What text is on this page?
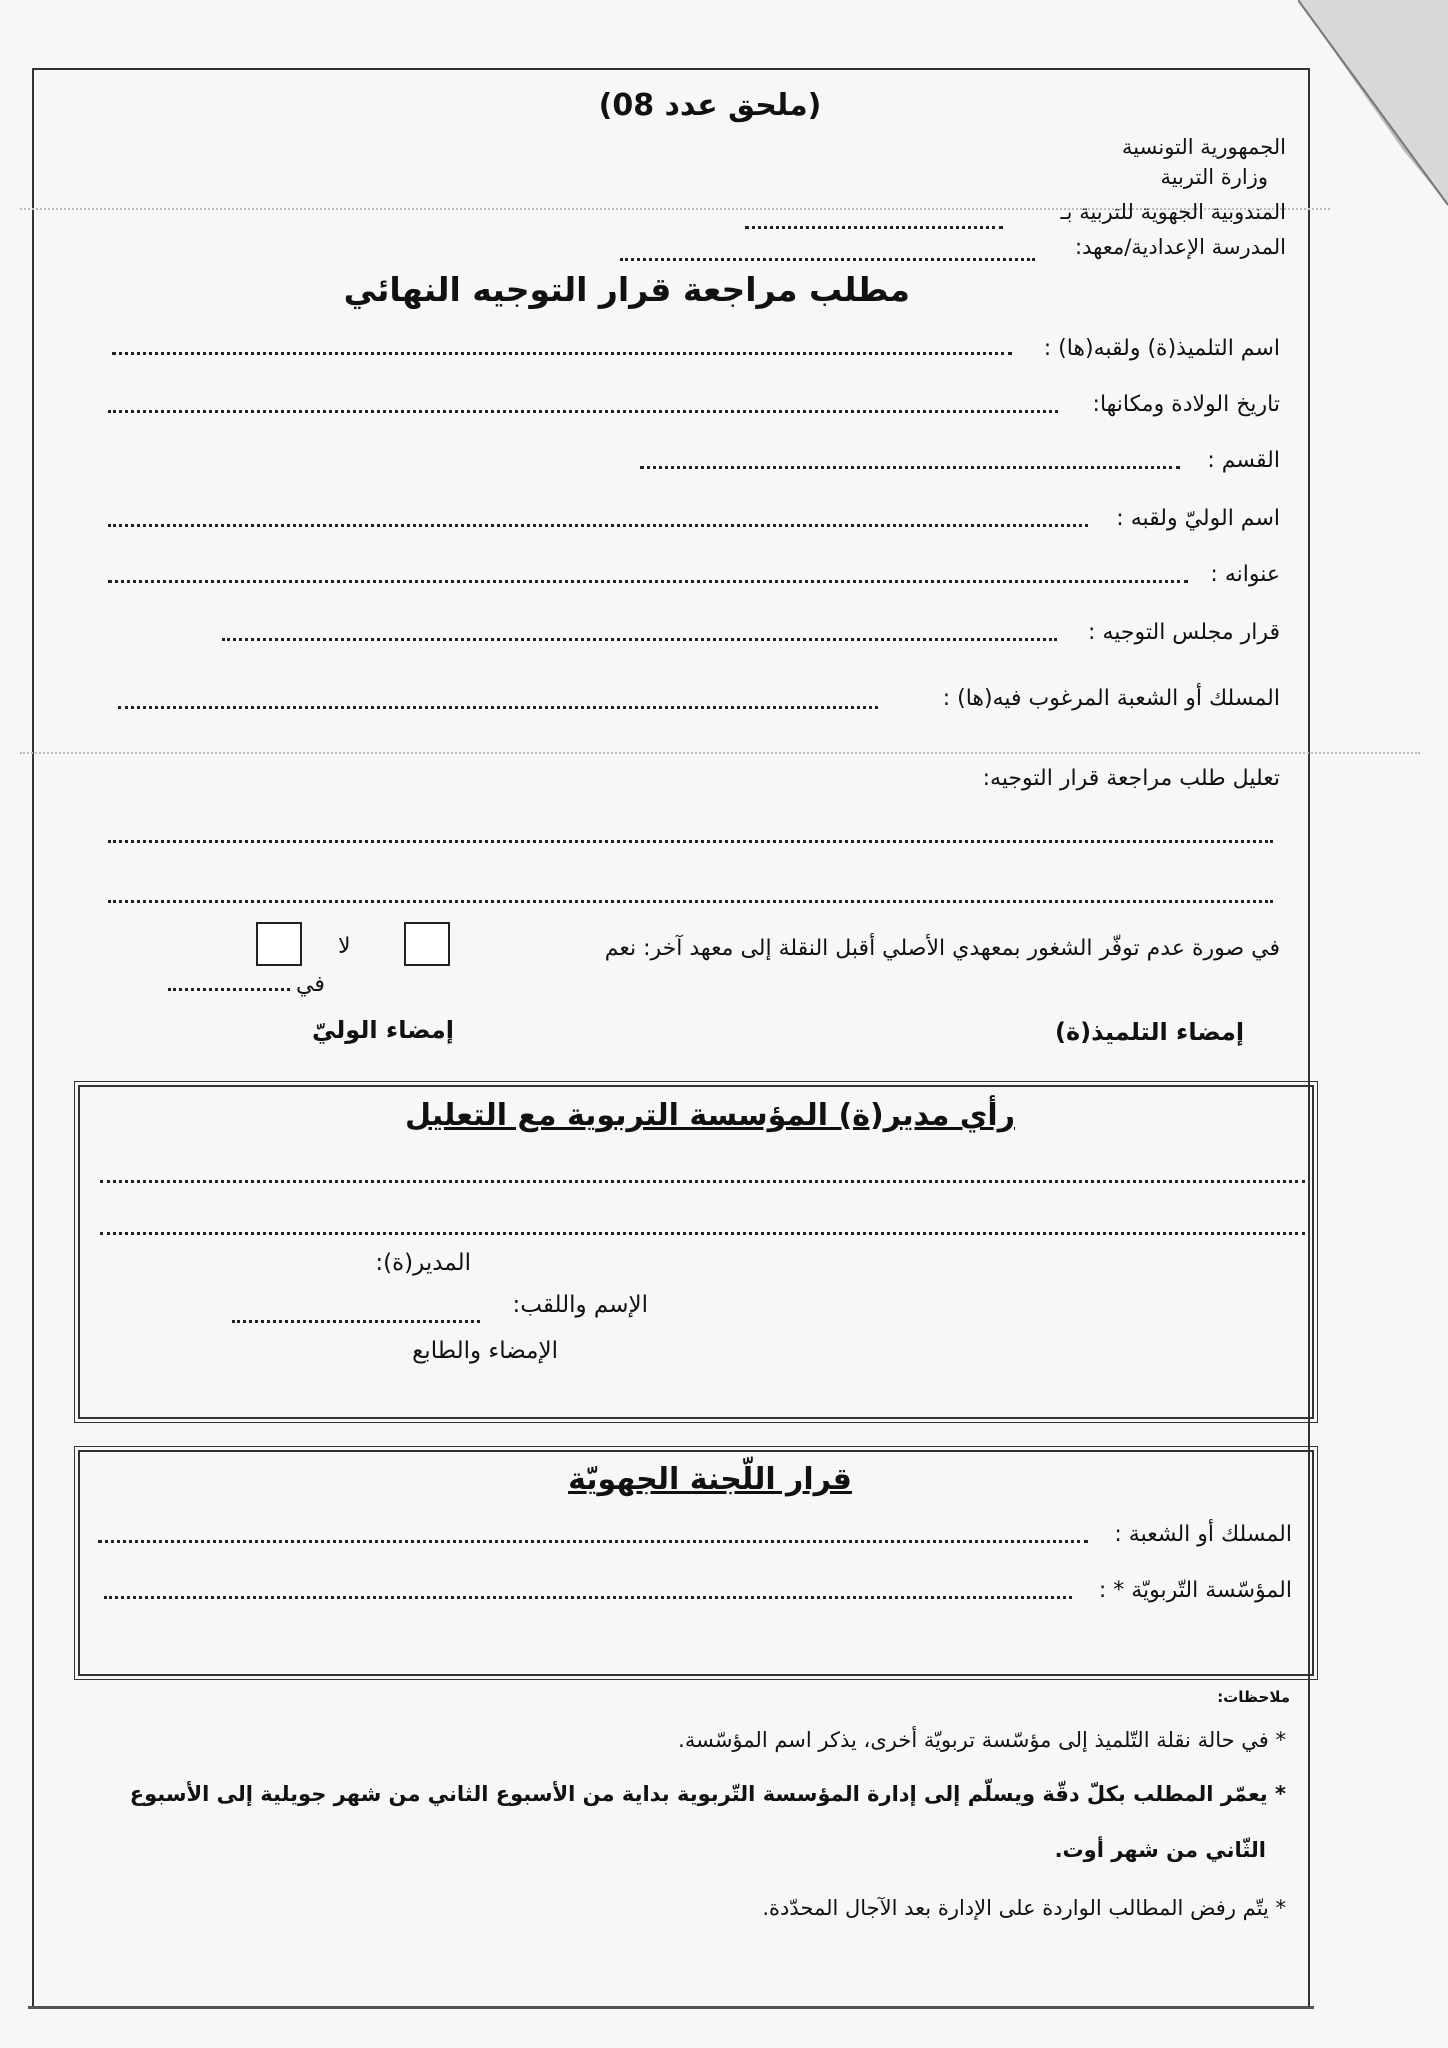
(ملحق عدد 08)
الجمهورية التونسية
وزارة التربية
المندوبية الجهوية للتربية بـ
المدرسة الإعدادية/معهد:
مطلب مراجعة قرار التوجيه النهائي
اسم التلميذ(ة) ولقبه(ها) :
تاريخ الولادة ومكانها:
القسم :
اسم الوليّ ولقبه :
عنوانه :
قرار مجلس التوجيه :
المسلك أو الشعبة المرغوب فيه(ها) :
تعليل طلب مراجعة قرار التوجيه:
في صورة عدم توفّر الشغور بمعهدي الأصلي أقبل النقلة إلى معهد آخر: نعم
لا
في
إمضاء التلميذ(ة)
إمضاء الوليّ
رأي مدير(ة) المؤسسة التربوية مع التعليل
المدير(ة):
الإسم واللقب:
الإمضاء والطابع
قرار اللّجنة الجهويّة
المسلك أو الشعبة :
المؤسّسة التّربويّة * :
ملاحظات:
* في حالة نقلة التّلميذ إلى مؤسّسة تربويّة أخرى، يذكر اسم المؤسّسة.
* يعمّر المطلب بكلّ دقّة ويسلّم إلى إدارة المؤسسة التّربوية بداية من الأسبوع الثاني من شهر جويلية إلى الأسبوع
الثّاني من شهر أوت.
* يتّم رفض المطالب الواردة على الإدارة بعد الآجال المحدّدة.
